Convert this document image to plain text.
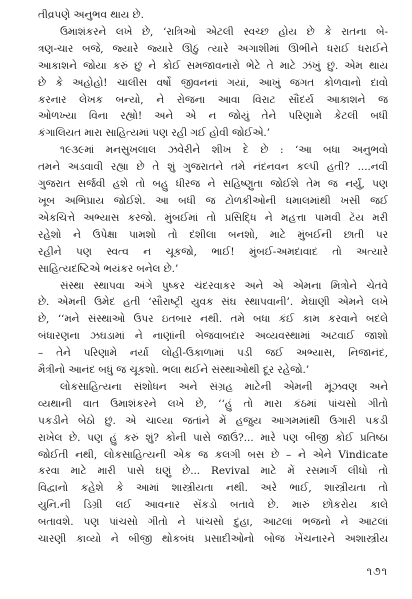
તીવ્રપણે અનુભવ થાય છે.

ઉમાશંકરને લખે છે, ‘રાત્રિઓ એટલી સ્વચ્છ હોય છે કે રાતના બે-

ત્રણ-ચાર બજે, જ્યારે જ્યારે ઊઠું ત્યારે અગાશીમાં ઊભીને ધરાઈ ધરાઈને

આકાશને જોયા કરું છું ને કોઈ સમજાવનારો ભેટે તે માટે ઝંખું છું. એમ થાય

છે કે અહોહો! ચાલીસ વર્ષો જીવનનાં ગયાં, આખું જગત કોળવાનો દાવો

કરનાર લેખક બન્યો, ને રોજના આવા વિરાટ સૌંદર્ય આકાશને જ

ઓળખ્યા વિના રહ્યો! અને એ ન જોયું તેને પરિણામે કેટલી બધી

કંગાલિયત મારા સાહિત્યમાં પણ રહી ગઈ હોવી જોઈએ.’

૧૯૩૯માં મનસુખલાલ ઝવેરીને શીખ દે છે : ‘આ બધા અનુભવો

તમને અડવાવી રહ્યા છે તે શું ગુજરાતને તમે નંદનવન કલ્પી હતી? ....નવી

ગુજરાત સર્જવી હશે તો બહુ ધીરજ ને સહિષ્ણુતા જોઈશે તેમ જ નર્યું, પણ

ખૂબ અભિપ્રાય જોઈશે. આ બધી જ ટોળકીઓની ધમાલમાંથી ખસી જઈ

એકચિત્તે અભ્યાસ કરજો. મુંબઈમાં તો પ્રસિદ્ધિ ને મહત્તા પામવી ટૅય મરી

રહેશો ને ઉપેક્ષા પામશો તો દંશીલા બનશો, માટે મુંબઈની છાતી પર

રહીને પણ સ્વત્વ ન ચૂકજો, ભાઈ! મુંબઈ-અમદાવાદ તો અત્યારે

સાહિત્યદષ્ટિએ ભયંકર બનેલ છે.’

સંસ્થા સ્થાપવા અંગે પુષ્કર ચંદરવાકર અને એ એમના મિત્રોને ચેતવે

છે. એમની ઉમેદ હતી ‘સૌરાષ્ટ્રી યુવક સંઘ સ્થાપવાની’. મેઘાણી એમને લખે

છે, ‘‘મને સંસ્થાઓ ઉપર ઇતબાર નથી. તમે બધા કંઈ કામ કરવાને બદલે

બંધારણના ઝઘડામાં ને નાણાંની બેજવાબદાર અવ્યવસ્થામાં અટવાઈ જાશો

– તેને પરિણામે નર્યા લોહી-ઉકાળામાં પડી જઈ અભ્યાસ, નિજાનંદ,

મૈત્રીનો આનંદ બધું જ ચૂકશો. ભલા થઈને સંસ્થાઓથી દૂર રહેજો.’

લોકસાહિત્યના સંશોધન અને સંગ્રહ માટેની એમની મૂંઝવણ અને

વ્યથાની વાત ઉમાશંકરને લખે છે, ‘‘હું તો મારા કંઠમાં પાંચસો ગીતો

પકડીને બેઠો છું. એ ચાલ્યા જતાંને મેં હજુય આગમમાંથી ઉગારી પકડી

રાખેલ છે. પણ હું કરું શું? કોની પાસે જાઉં?... મારે પણ બીજી કોઈ પ્રતિષ્ઠા

જોઈતી નથી, લોકસાહિત્યની એક જ કલગી બસ છે – ને એને Vindicate

કરવા માટે મારી પાસે ઘણું છે... Revival માટે મેં રસમાર્ગ લીધો તો

વિદ્વાનો કહેશે કે આમાં શાસ્ત્રીયતા નથી. અરે ભાઈ, શાસ્ત્રીયતા તો

યુનિ.ની ડિગ્રી લઈ આવનાર સૅંકડો બતાવે છે. મારું છોકરોય કાલે

બતાવશે. પણ પાંચસો ગીતો ને પાંચસો દુહા, આટલાં ભજનો ને આટલાં

ચારણી કાવ્યો ને બીજી થોકબંધ પ્રસાદીઓનો બોજ ખેંચનારને અશાસ્ત્રીય

૧૭૧
